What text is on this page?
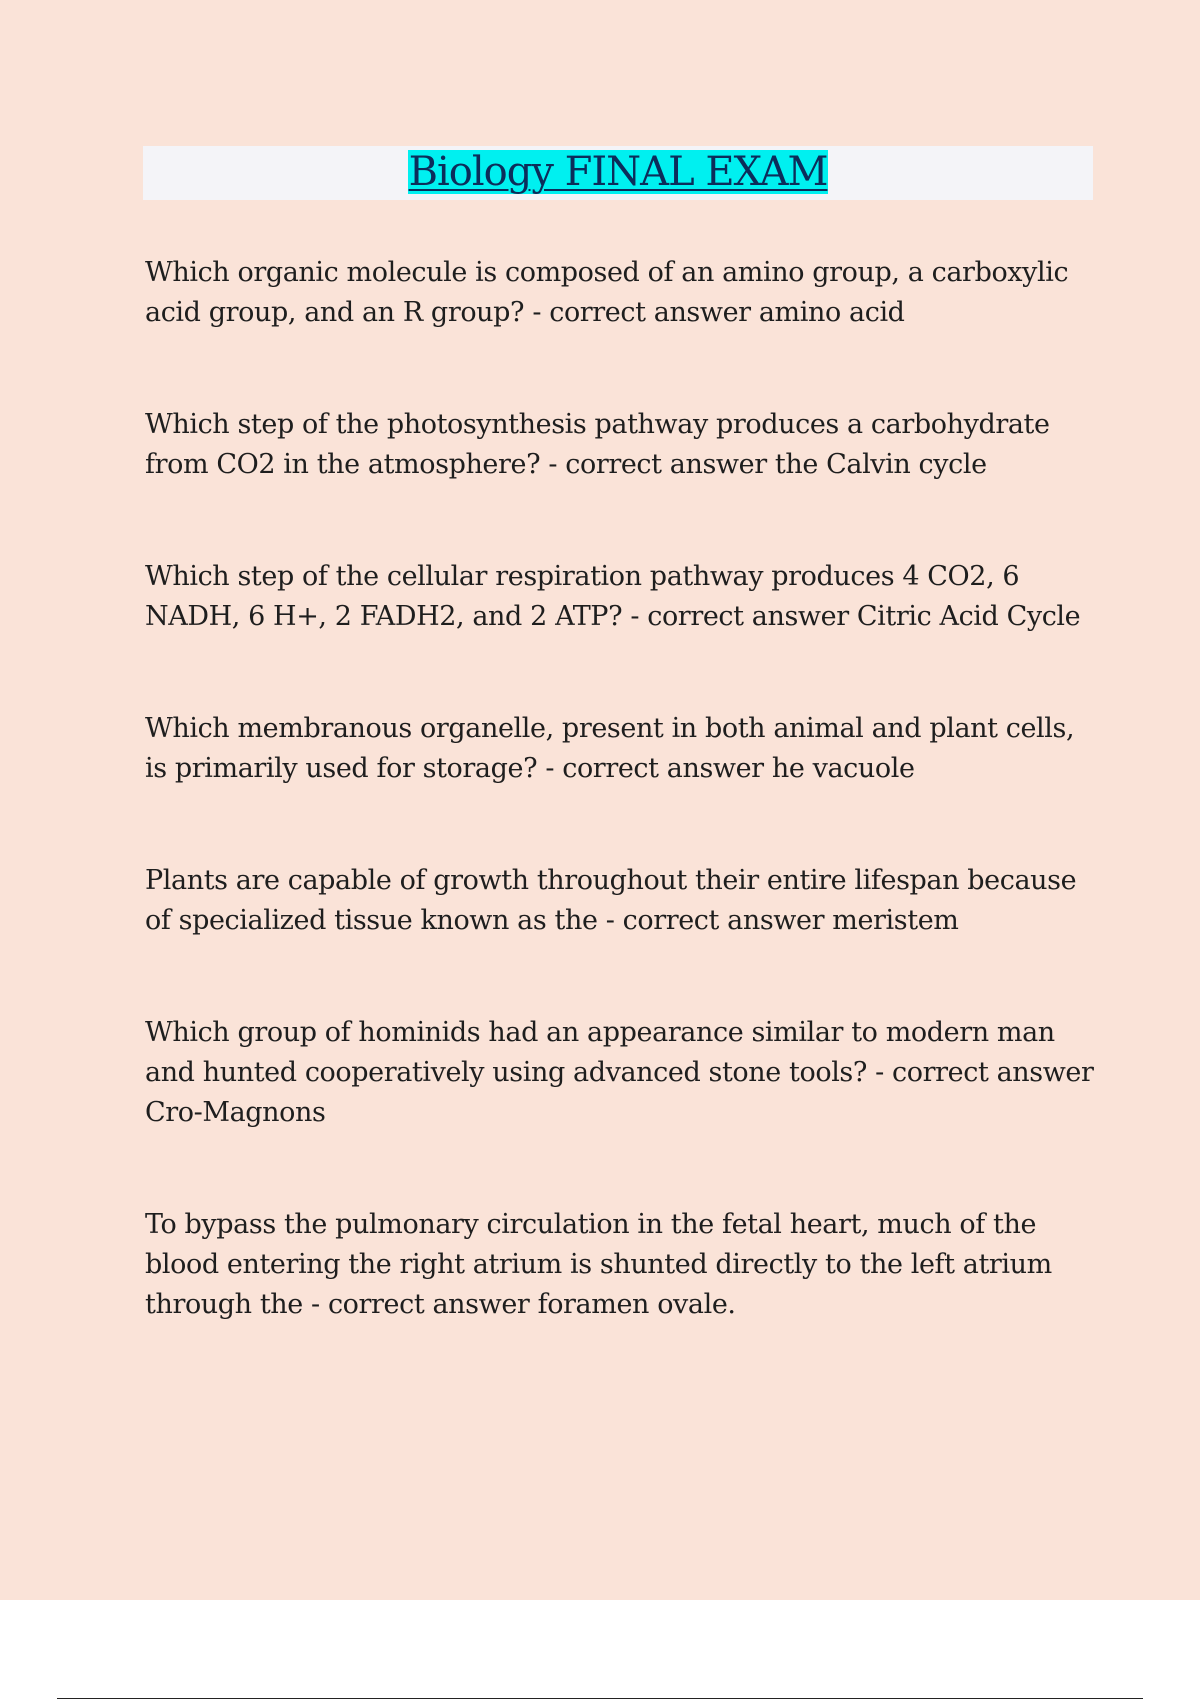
Biology FINAL EXAM

Which organic molecule is composed of an amino group, a carboxylic acid group, and an R group? - correct answer amino acid

Which step of the photosynthesis pathway produces a carbohydrate from CO2 in the atmosphere? - correct answer the Calvin cycle

Which step of the cellular respiration pathway produces 4 CO2, 6 NADH, 6 H+, 2 FADH2, and 2 ATP? - correct answer Citric Acid Cycle

Which membranous organelle, present in both animal and plant cells, is primarily used for storage? - correct answer he vacuole

Plants are capable of growth throughout their entire lifespan because of specialized tissue known as the - correct answer meristem

Which group of hominids had an appearance similar to modern man and hunted cooperatively using advanced stone tools? - correct answer Cro-Magnons

To bypass the pulmonary circulation in the fetal heart, much of the blood entering the right atrium is shunted directly to the left atrium through the - correct answer foramen ovale.
